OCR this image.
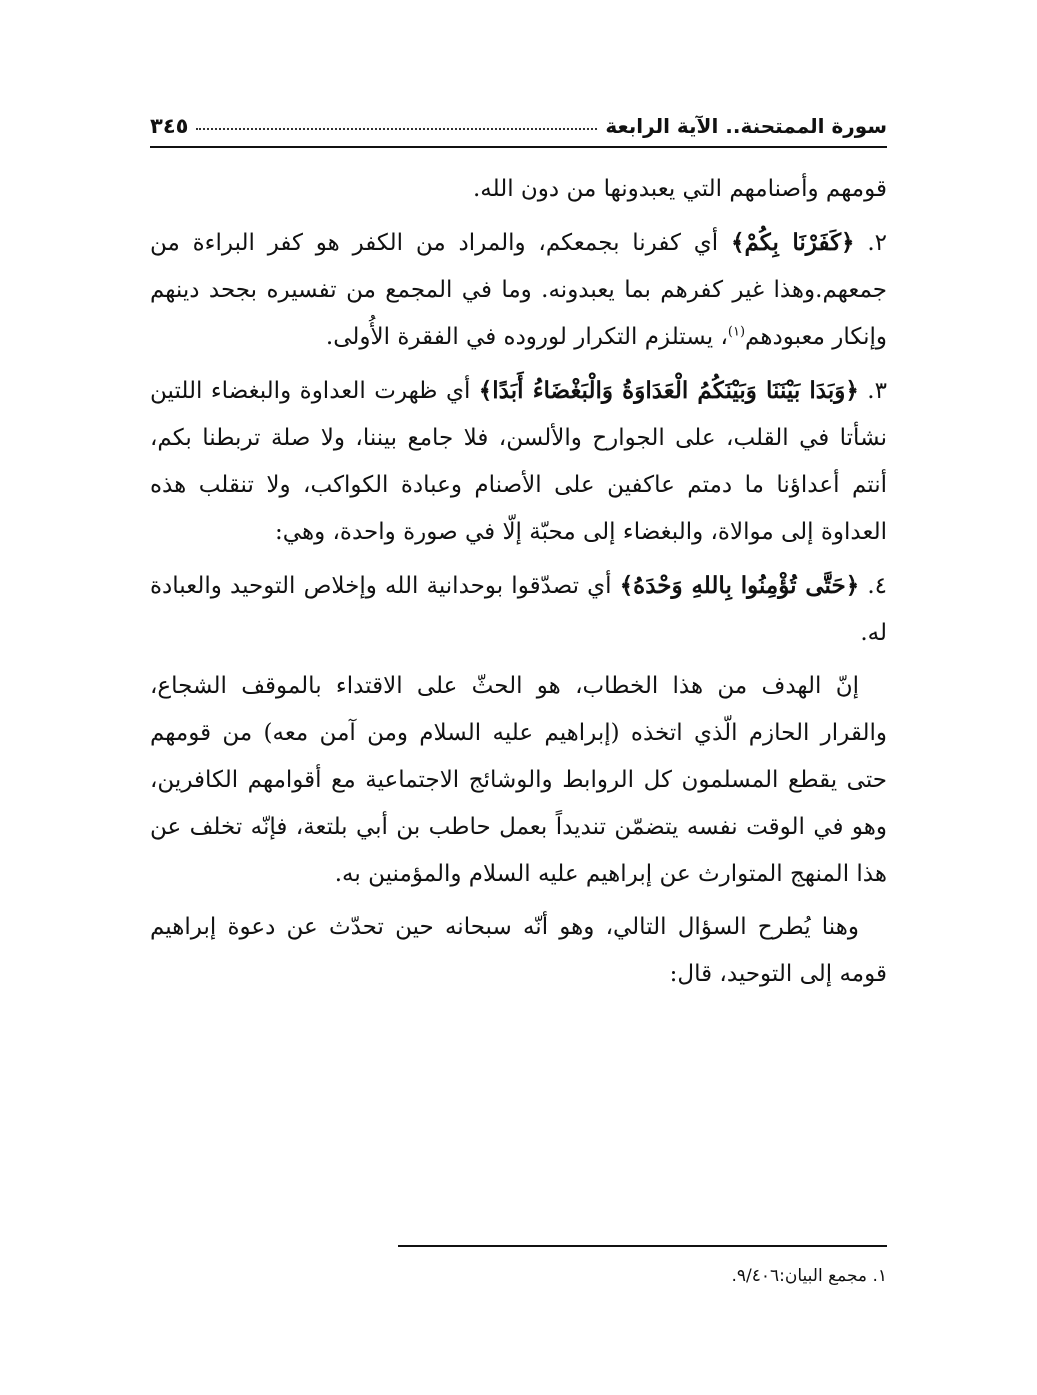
سورة الممتحنة.. الآية الرابعة
٣٤٥

قومهم وأصنامهم التي يعبدونها من دون الله.

٢. ﴿كَفَرْنَا بِكُمْ﴾ أي كفرنا بجمعكم، والمراد من الكفر هو كفر البراءة من جمعهم.وهذا غير كفرهم بما يعبدونه. وما في المجمع من تفسيره بجحد دينهم وإنكار معبودهم$^{(١)}$، يستلزم التكرار لوروده في الفقرة الأُولى.

٣. ﴿وَبَدَا بَيْنَنَا وَبَيْنَكُمُ الْعَدَاوَةُ وَالْبَغْضَاءُ أَبَدًا﴾ أي ظهرت العداوة والبغضاء اللتين نشأتا في القلب، على الجوارح والألسن، فلا جامع بيننا، ولا صلة تربطنا بكم، أنتم أعداؤنا ما دمتم عاكفين على الأصنام وعبادة الكواكب، ولا تنقلب هذه العداوة إلى موالاة، والبغضاء إلى محبّة إلّا في صورة واحدة، وهي:

٤. ﴿حَتَّى تُؤْمِنُوا بِاللهِ وَحْدَهُ﴾ أي تصدّقوا بوحدانية الله وإخلاص التوحيد والعبادة له.

إنّ الهدف من هذا الخطاب، هو الحثّ على الاقتداء بالموقف الشجاع، والقرار الحازم الّذي اتخذه (إبراهيم عليه السلام ومن آمن معه) من قومهم حتى يقطع المسلمون كل الروابط والوشائج الاجتماعية مع أقوامهم الكافرين، وهو في الوقت نفسه يتضمّن تنديداً بعمل حاطب بن أبي بلتعة، فإنّه تخلف عن هذا المنهج المتوارث عن إبراهيم عليه السلام والمؤمنين به.

وهنا يُطرح السؤال التالي، وهو أنّه سبحانه حين تحدّث عن دعوة إبراهيم قومه إلى التوحيد، قال:

١. مجمع البيان:٩/٤٠٦.
